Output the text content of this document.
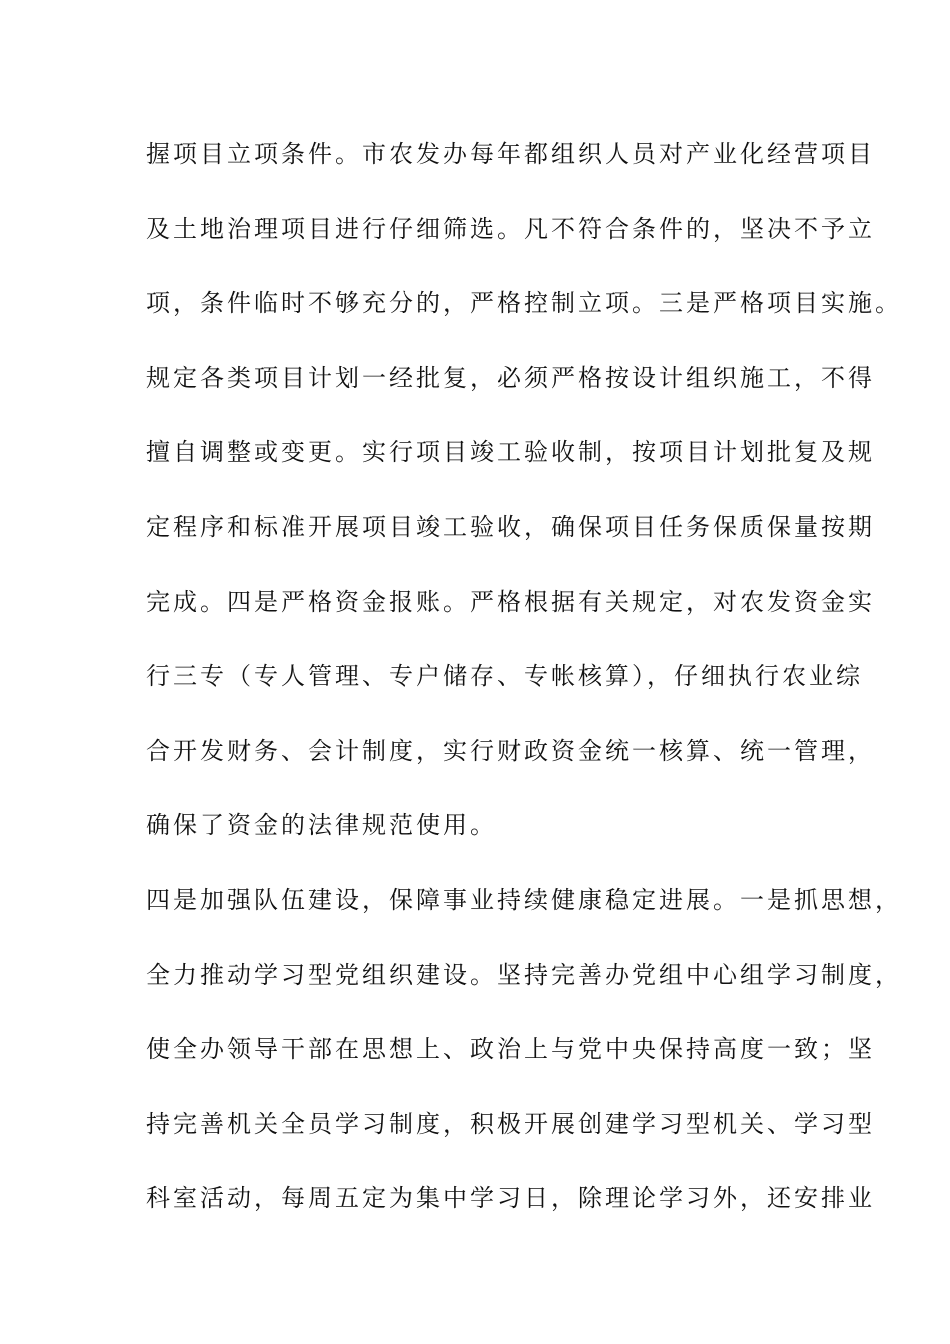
握项目立项条件。市农发办每年都组织人员对产业化经营项目
及土地治理项目进行仔细筛选。凡不符合条件的，坚决不予立
项，条件临时不够充分的，严格控制立项。三是严格项目实施。
规定各类项目计划一经批复，必须严格按设计组织施工，不得
擅自调整或变更。实行项目竣工验收制，按项目计划批复及规
定程序和标准开展项目竣工验收，确保项目任务保质保量按期
完成。四是严格资金报账。严格根据有关规定，对农发资金实
行三专（专人管理、专户储存、专帐核算），仔细执行农业综
合开发财务、会计制度，实行财政资金统一核算、统一管理，
确保了资金的法律规范使用。
四是加强队伍建设，保障事业持续健康稳定进展。一是抓思想，
全力推动学习型党组织建设。坚持完善办党组中心组学习制度，
使全办领导干部在思想上、政治上与党中央保持高度一致；坚
持完善机关全员学习制度，积极开展创建学习型机关、学习型
科室活动，每周五定为集中学习日，除理论学习外，还安排业
